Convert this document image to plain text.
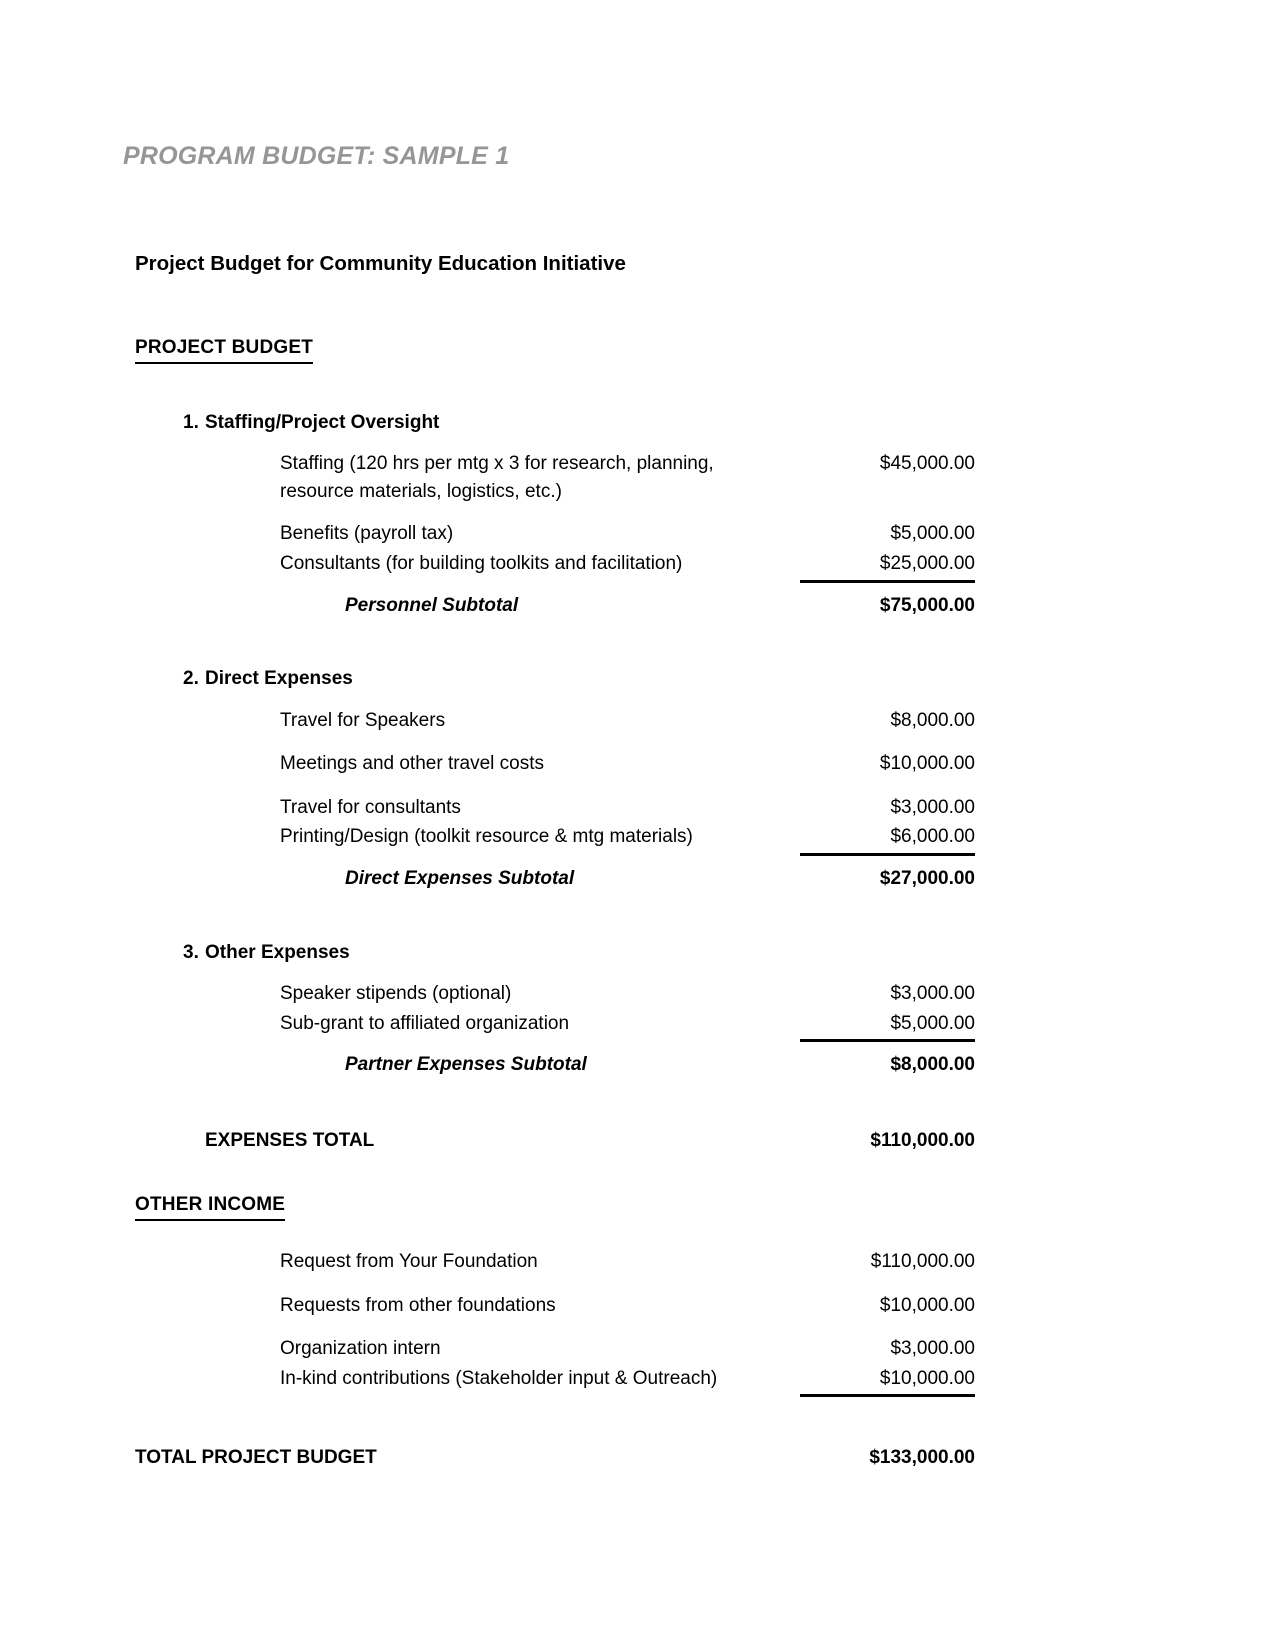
PROGRAM BUDGET: SAMPLE 1
Project Budget for Community Education Initiative
PROJECT BUDGET
1. Staffing/Project Oversight
Staffing (120 hrs per mtg x 3 for research, planning, resource materials, logistics, etc.)
$45,000.00
Benefits (payroll tax)	$5,000.00
Consultants (for building toolkits and facilitation)	$25,000.00
Personnel Subtotal	$75,000.00
2. Direct Expenses
Travel for Speakers	$8,000.00
Meetings and other travel costs	$10,000.00
Travel for consultants	$3,000.00
Printing/Design (toolkit resource & mtg materials)	$6,000.00
Direct Expenses Subtotal	$27,000.00
3. Other Expenses
Speaker stipends (optional)	$3,000.00
Sub-grant to affiliated organization	$5,000.00
Partner Expenses Subtotal	$8,000.00
EXPENSES TOTAL	$110,000.00
OTHER INCOME
Request from Your Foundation	$110,000.00
Requests from other foundations	$10,000.00
Organization intern	$3,000.00
In-kind contributions (Stakeholder input & Outreach)	$10,000.00
TOTAL PROJECT BUDGET	$133,000.00
